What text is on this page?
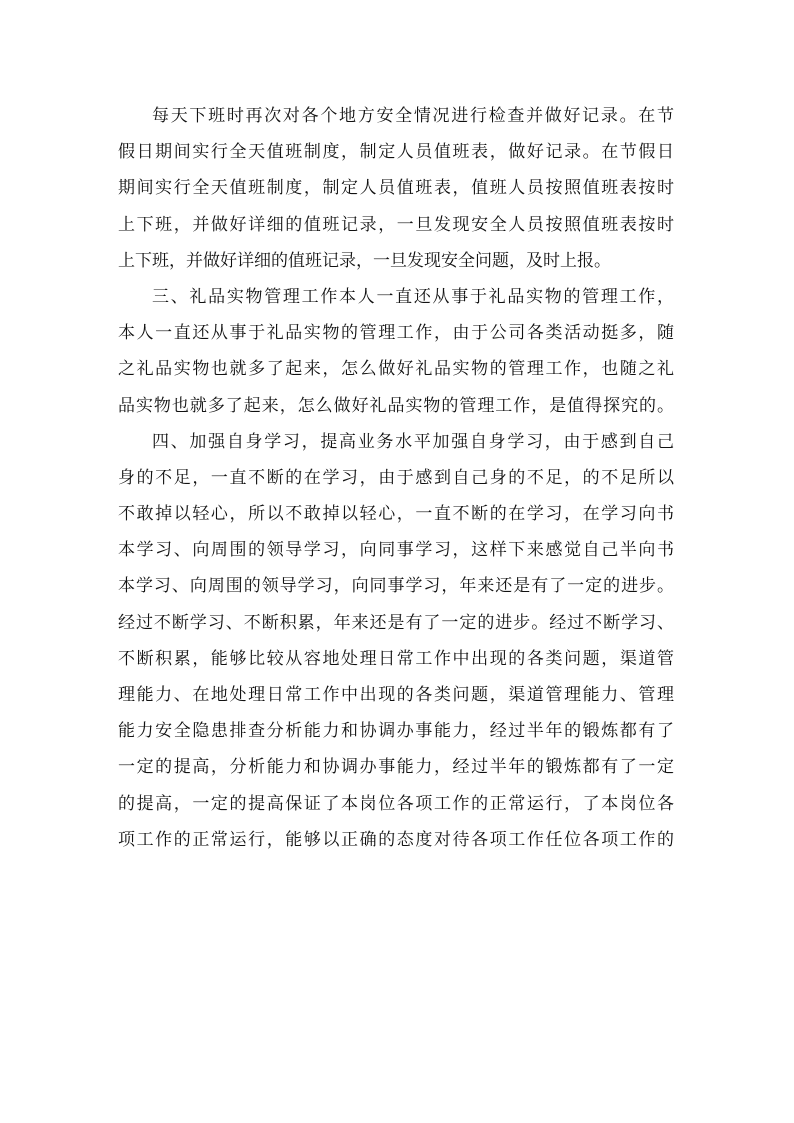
每天下班时再次对各个地方安全情况进行检查并做好记录。在节
假日期间实行全天值班制度，制定人员值班表，做好记录。在节假日
期间实行全天值班制度，制定人员值班表，值班人员按照值班表按时
上下班，并做好详细的值班记录，一旦发现安全人员按照值班表按时
上下班，并做好详细的值班记录，一旦发现安全问题，及时上报。
三、礼品实物管理工作本人一直还从事于礼品实物的管理工作，
本人一直还从事于礼品实物的管理工作，由于公司各类活动挺多，随
之礼品实物也就多了起来，怎么做好礼品实物的管理工作，也随之礼
品实物也就多了起来，怎么做好礼品实物的管理工作，是值得探究的。
四、加强自身学习，提高业务水平加强自身学习，由于感到自己
身的不足，一直不断的在学习，由于感到自己身的不足，的不足所以
不敢掉以轻心，所以不敢掉以轻心，一直不断的在学习，在学习向书
本学习、向周围的领导学习，向同事学习，这样下来感觉自己半向书
本学习、向周围的领导学习，向同事学习，年来还是有了一定的进步。
经过不断学习、不断积累，年来还是有了一定的进步。经过不断学习、
不断积累，能够比较从容地处理日常工作中出现的各类问题，渠道管
理能力、在地处理日常工作中出现的各类问题，渠道管理能力、管理
能力安全隐患排查分析能力和协调办事能力，经过半年的锻炼都有了
一定的提高，分析能力和协调办事能力，经过半年的锻炼都有了一定
的提高，一定的提高保证了本岗位各项工作的正常运行，了本岗位各
项工作的正常运行，能够以正确的态度对待各项工作任位各项工作的
